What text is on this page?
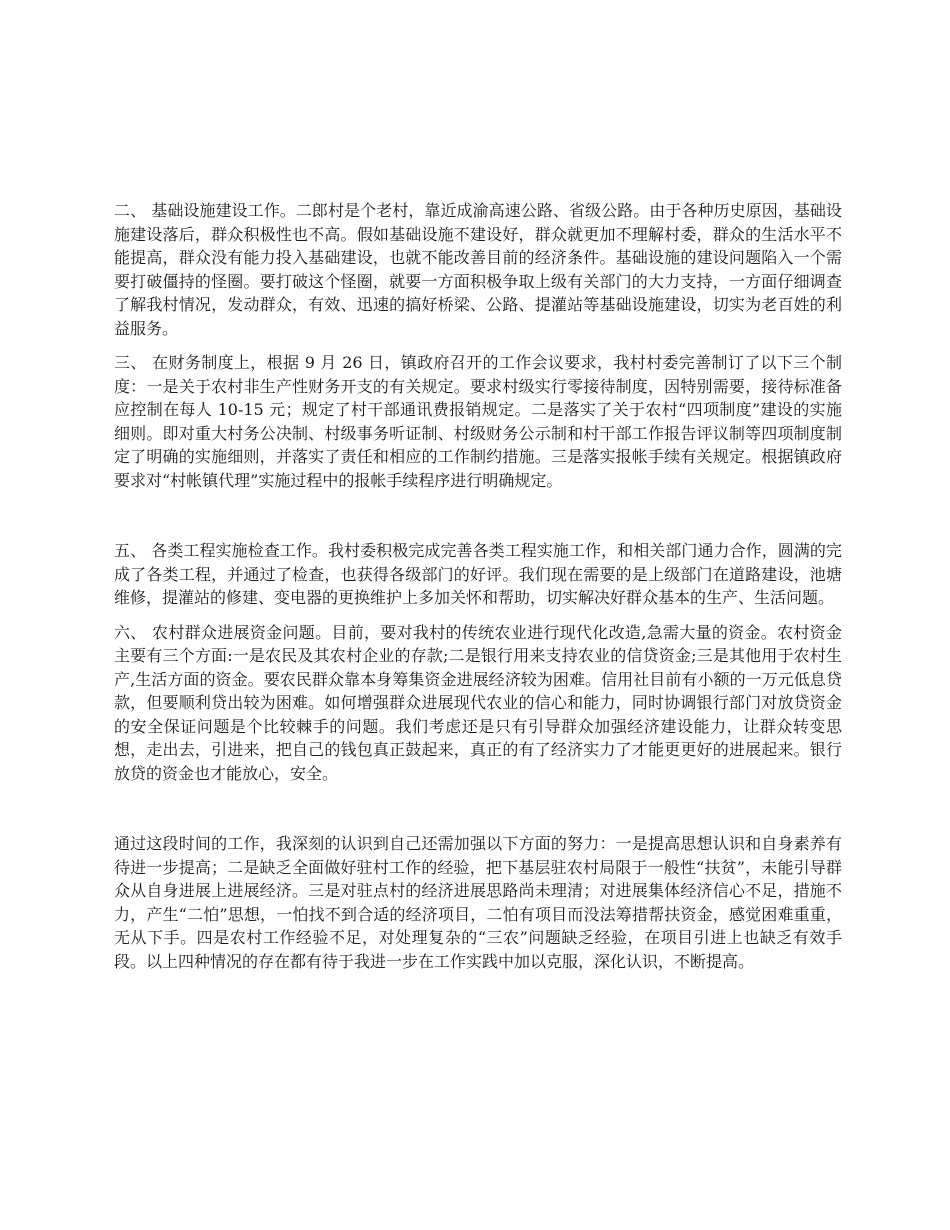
二、 基础设施建设工作。二郎村是个老村，靠近成渝高速公路、省级公路。由于各种历史原因，基础设施建设落后，群众积极性也不高。假如基础设施不建设好，群众就更加不理解村委，群众的生活水平不能提高，群众没有能力投入基础建设，也就不能改善目前的经济条件。基础设施的建设问题陷入一个需要打破僵持的怪圈。要打破这个怪圈，就要一方面积极争取上级有关部门的大力支持，一方面仔细调查了解我村情况，发动群众，有效、迅速的搞好桥梁、公路、提灌站等基础设施建设，切实为老百姓的利益服务。

三、 在财务制度上，根据 9 月 26 日，镇政府召开的工作会议要求，我村村委完善制订了以下三个制度：一是关于农村非生产性财务开支的有关规定。要求村级实行零接待制度，因特别需要，接待标准备应控制在每人 10-15 元；规定了村干部通讯费报销规定。二是落实了关于农村“四项制度”建设的实施细则。即对重大村务公决制、村级事务听证制、村级财务公示制和村干部工作报告评议制等四项制度制定了明确的实施细则，并落实了责任和相应的工作制约措施。三是落实报帐手续有关规定。根据镇政府要求对“村帐镇代理”实施过程中的报帐手续程序进行明确规定。

五、 各类工程实施检查工作。我村委积极完成完善各类工程实施工作，和相关部门通力合作，圆满的完成了各类工程，并通过了检查，也获得各级部门的好评。我们现在需要的是上级部门在道路建设，池塘维修，提灌站的修建、变电器的更换维护上多加关怀和帮助，切实解决好群众基本的生产、生活问题。

六、 农村群众进展资金问题。目前，要对我村的传统农业进行现代化改造,急需大量的资金。农村资金主要有三个方面:一是农民及其农村企业的存款;二是银行用来支持农业的信贷资金;三是其他用于农村生产,生活方面的资金。要农民群众靠本身筹集资金进展经济较为困难。信用社目前有小额的一万元低息贷款，但要顺利贷出较为困难。如何增强群众进展现代农业的信心和能力，同时协调银行部门对放贷资金的安全保证问题是个比较棘手的问题。我们考虑还是只有引导群众加强经济建设能力，让群众转变思想，走出去，引进来，把自己的钱包真正鼓起来，真正的有了经济实力了才能更更好的进展起来。银行放贷的资金也才能放心，安全。

通过这段时间的工作，我深刻的认识到自己还需加强以下方面的努力：一是提高思想认识和自身素养有待进一步提高；二是缺乏全面做好驻村工作的经验，把下基层驻农村局限于一般性“扶贫”，未能引导群众从自身进展上进展经济。三是对驻点村的经济进展思路尚未理清；对进展集体经济信心不足，措施不力，产生“二怕”思想，一怕找不到合适的经济项目，二怕有项目而没法筹措帮扶资金，感觉困难重重，无从下手。四是农村工作经验不足，对处理复杂的“三农”问题缺乏经验，在项目引进上也缺乏有效手段。以上四种情况的存在都有待于我进一步在工作实践中加以克服，深化认识，不断提高。
